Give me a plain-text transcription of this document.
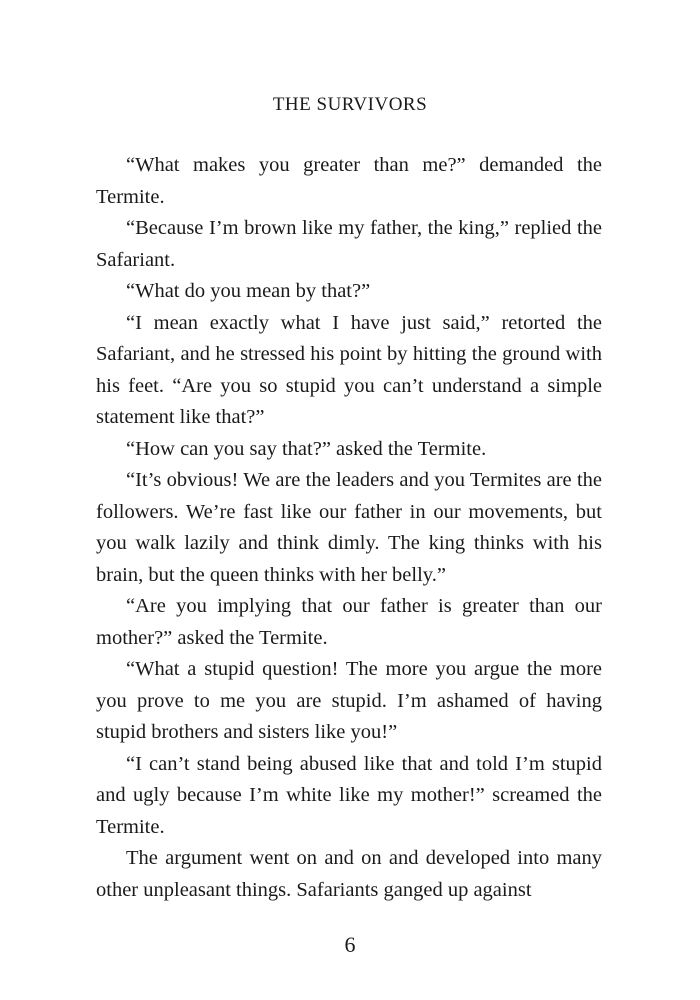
THE SURVIVORS

“What makes you greater than me?” demanded the Termite.

“Because I’m brown like my father, the king,” replied the Safariant.

“What do you mean by that?”

“I mean exactly what I have just said,” retorted the Safariant, and he stressed his point by hitting the ground with his feet. “Are you so stupid you can’t understand a simple statement like that?”

“How can you say that?” asked the Termite.

“It’s obvious! We are the leaders and you Termites are the followers. We’re fast like our father in our movements, but you walk lazily and think dimly. The king thinks with his brain, but the queen thinks with her belly.”

“Are you implying that our father is greater than our mother?” asked the Termite.

“What a stupid question! The more you argue the more you prove to me you are stupid. I’m ashamed of having stupid brothers and sisters like you!”

“I can’t stand being abused like that and told I’m stupid and ugly because I’m white like my mother!” screamed the Termite.

The argument went on and on and developed into many other unpleasant things. Safariants ganged up against

6
